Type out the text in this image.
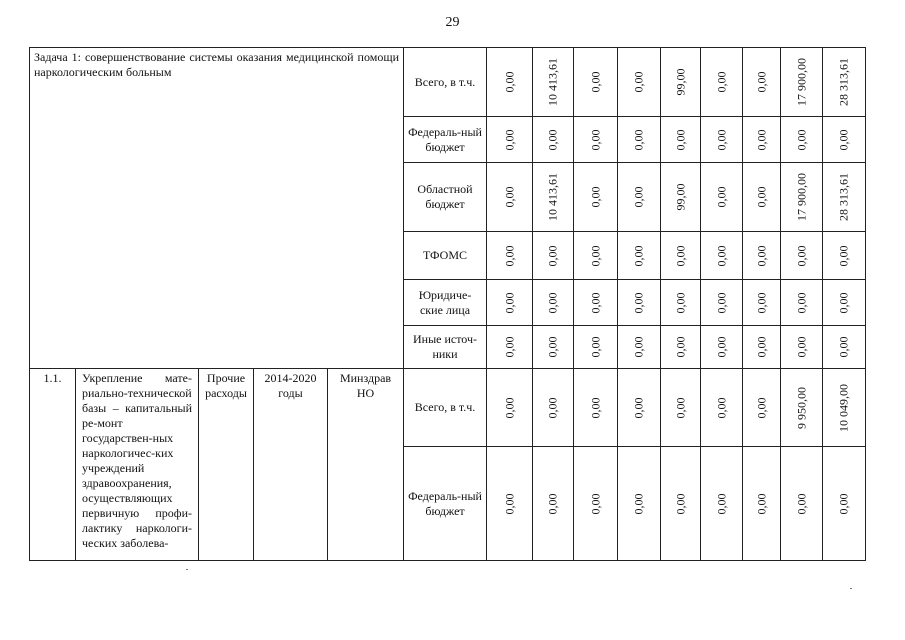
29
Задача 1: совершенствование системы оказания медицинской помощи наркологическим больным					Всего, в т.ч.	0,00	10 413,61	0,00	0,00	99,00	0,00	0,00	17 900,00	28 313,61

					Федераль-ный бюджет	0,00	0,00	0,00	0,00	0,00	0,00	0,00	0,00	0,00

					Областной бюджет	0,00	10 413,61	0,00	0,00	99,00	0,00	0,00	17 900,00	28 313,61

					ТФОМС	0,00	0,00	0,00	0,00	0,00	0,00	0,00	0,00	0,00

					Юридиче-ские лица	0,00	0,00	0,00	0,00	0,00	0,00	0,00	0,00	0,00

					Иные источ-ники	0,00	0,00	0,00	0,00	0,00	0,00	0,00	0,00	0,00

1.1.	Укрепление мате-риально-технической базы – капитальный ре-монт государствен-ных наркологичес-ких учреждений здравоохранения, осуществляющих первичную профи-лактику наркологи-ческих заболева-	Прочие расходы	2014-2020 годы	Минздрав НО	Всего, в т.ч.	0,00	0,00	0,00	0,00	0,00	0,00	0,00	9 950,00	10 049,00

					Федераль-ный бюджет	0,00	0,00	0,00	0,00	0,00	0,00	0,00	0,00	0,00
